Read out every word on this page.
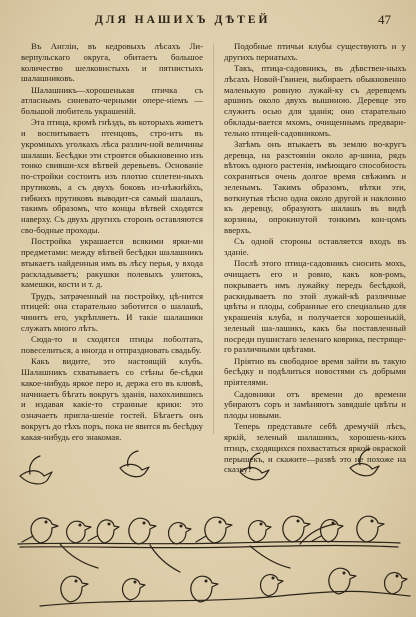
ДЛЯ НАШИХЪ ДѢТЕЙ	47

Въ Англіи, въ кедровыхъ лѣсахъ Ли-верпульскаго округа, обитаетъ большое количество шелковистыхъ и пятнистыхъ шалашниковъ.

Шалашникъ—хорошенькая птичка съ атласнымъ синевато-черными опере-ніемъ — большой любитель украшеній.

Эта птица, кромѣ гнѣздъ, въ которыхъ живетъ и воспитываетъ птенцовъ, стро-итъ въ укромныхъ уголкахъ лѣса различ-ной величины шалаши. Бесѣдки эти строятся обыкновенно изъ тонко свивши-хся вѣтвей деревьевъ. Основаніе по-стройки состоитъ изъ плотно сплетен-ныхъ прутиковъ, а съ двухъ боковъ из-нѣжнѣйхъ, гибкихъ прутиковъ выводит-ся самый шалашъ, такимъ образомъ, что концы вѣтвей сходятся наверху. Съ двухъ другихъ сторонъ оставляются сво-бодные проходы.

Постройка украшается всякими ярки-ми предметами: между вѣтвей бесѣдки шалашникъ втыкаетъ найденныя имъ въ лѣсу перья, у входа раскладываетъ; ракушки полевыхъ улитокъ, камешки, кости и т. д.

Трудъ, затраченный на постройку, цѣ-нится птицей: она старательно заботится о шалашѣ, чинитъ его, укрѣпляетъ. И такіе шалашики служатъ много лѣтъ.

Сюда-то и сходятся птицы поболтать, повеселиться, а иногда и отпраздновать свадьбу.

Какъ видите, это настоящій клубъ. Шалашникъ схватываетъ со стѣны бе-сѣдки какое-нибудь яркое перо и, держа его въ клювѣ, начинаетъ бѣгать вокругъ зданія, нахохлившись и издавая какіе-то странные крики: это означаетъ пригла-шеніе гостей. Бѣгаетъ онъ вокругъ до тѣхъ поръ, пока не явится въ бесѣдку какая-нибудь его знакомая.

Подобные птичьи клубы существуютъ и у другихъ пернатыхъ.

Такъ, птица-садовникъ, въ дѣвствен-ныхъ лѣсахъ Новой-Гвинеи, выбираетъ обыкновенно маленькую ровную лужай-ку съ деревцемъ аршинъ около двухъ вышиною. Деревце это служитъ осью для зданія; оно старательно обклады-вается мхомъ, очищеннымъ предвари-тельно птицей-садовникомъ.

Затѣмъ онъ втыкаетъ въ землю во-кругъ деревца, на разстояніи около ар-шина, рядъ вѣтокъ одного растенія, имѣющаго способность сохраняться очень долгое время свѣжимъ и зеленымъ. Такимъ образомъ, вѣтки эти, воткнутыя тѣсно одна около другой и наклонно къ деревцу, образуютъ шалашъ въ видѣ корзины, опрокинутой тонкимъ кон-цомъ вверхъ.

Съ одной стороны оставляется входъ въ зданіе.

Послѣ этого птица-садовникъ сносить мохъ, очищаетъ его и ровно, какъ ков-ромъ, покрываетъ имъ лужайку передъ бесѣдкой, раскидываетъ по этой лужай-кѣ различные цвѣты и плоды, собранные его специально для украшенія клуба, и получается хорошенькій, зеленый ша-лашикъ, какъ бы поставленный посреди пушистаго зеленаго коврика, пестряще-го различными цвѣтами.

Пріятно въ свободное время зайти въ такую бесѣдку и подѣлиться новостями съ добрыми пріятелями.

Садовники отъ времени до времени убираютъ соръ и замѣняютъ завядшіе цвѣты и плоды новыми.

Теперь представьте себѣ дремучій лѣсъ, яркій, зеленый шалашикъ, хорошень-кихъ птицъ, сходящихся похвастаться яркой окраской перышекъ, и скажите—развѣ это не похоже на сказку?
